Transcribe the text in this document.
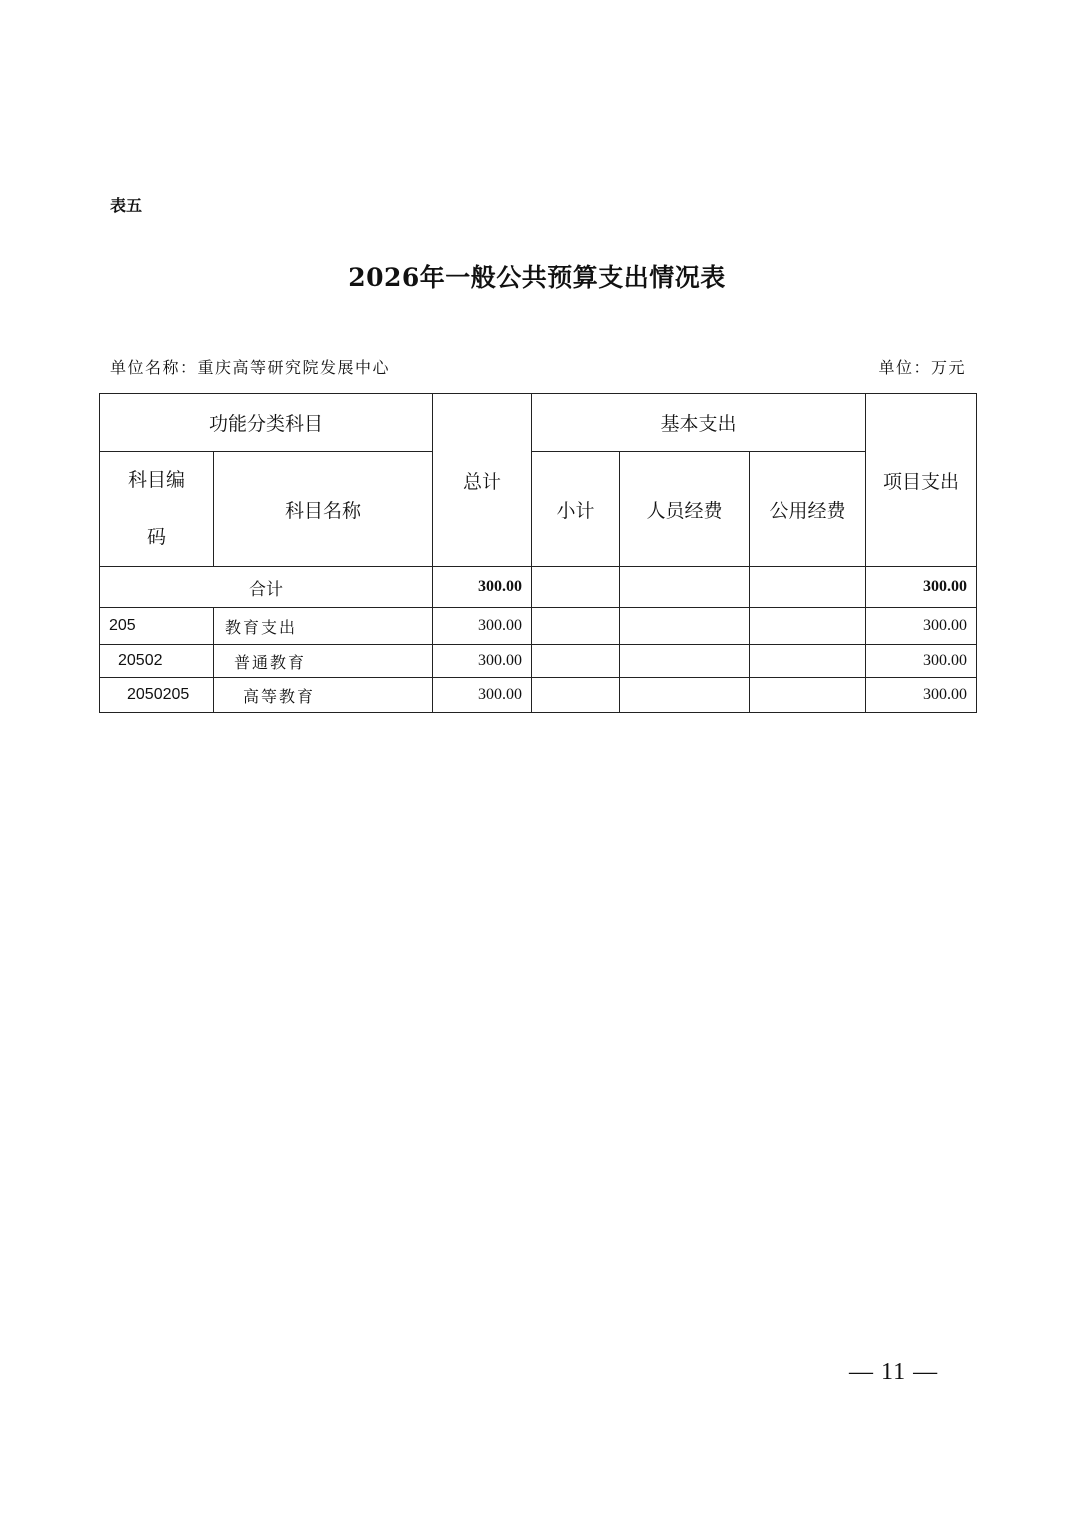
表五
2026年一般公共预算支出情况表
单位名称：重庆高等研究院发展中心	单位：万元
功能分类科目		总计	基本支出			项目支出
科目编码	科目名称		小计	人员经费	公用经费	
合计		300.00				300.00
205	教育支出	300.00				300.00
20502	普通教育	300.00				300.00
2050205	高等教育	300.00				300.00
— 11 —
